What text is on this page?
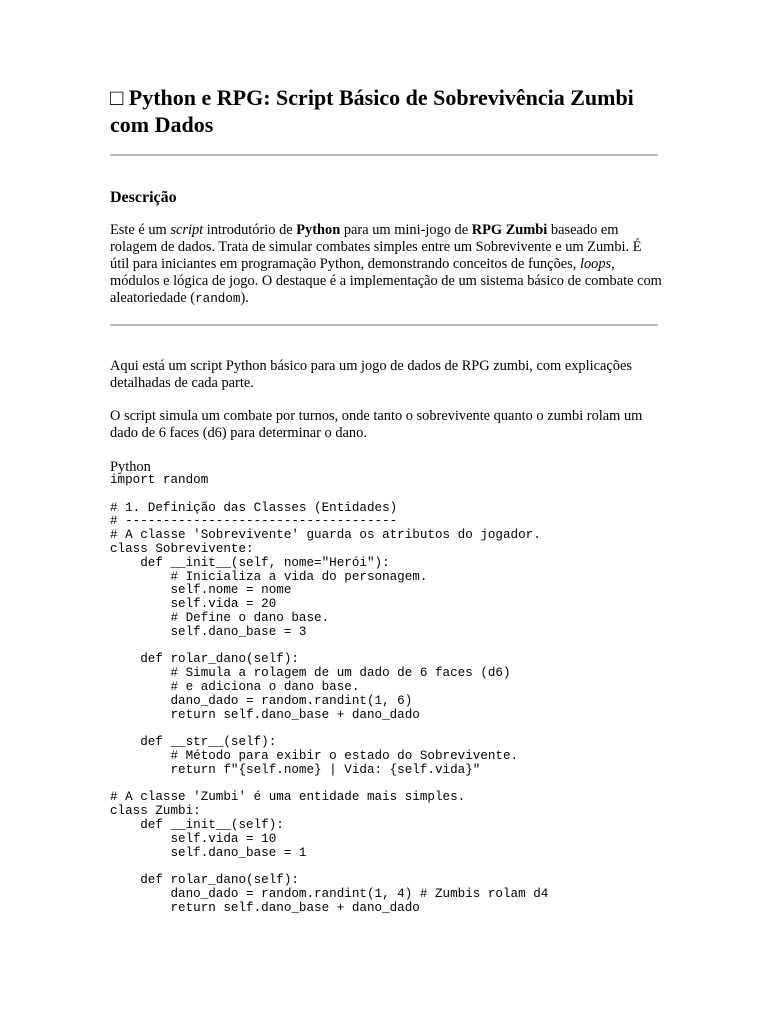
□ Python e RPG: Script Básico de Sobrevivência Zumbi com Dados
Descrição

Este é um script introdutório de Python para um mini-jogo de RPG Zumbi baseado em rolagem de dados. Trata de simular combates simples entre um Sobrevivente e um Zumbi. É útil para iniciantes em programação Python, demonstrando conceitos de funções, loops, módulos e lógica de jogo. O destaque é a implementação de um sistema básico de combate com aleatoriedade (random).

Aqui está um script Python básico para um jogo de dados de RPG zumbi, com explicações detalhadas de cada parte.

O script simula um combate por turnos, onde tanto o sobrevivente quanto o zumbi rolam um dado de 6 faces (d6) para determinar o dano.

Python

import random
# 1. Definição das Classes (Entidades)
# ------------------------------------
# A classe 'Sobrevivente' guarda os atributos do jogador.
class Sobrevivente:
def __init__(self, nome="Herói"):
# Inicializa a vida do personagem.
self.nome = nome
self.vida = 20
# Define o dano base.
self.dano_base = 3
def rolar_dano(self):
# Simula a rolagem de um dado de 6 faces (d6)
# e adiciona o dano base.
dano_dado = random.randint(1, 6)
return self.dano_base + dano_dado
def __str__(self):
# Método para exibir o estado do Sobrevivente.
return f"{self.nome} | Vida: {self.vida}"
# A classe 'Zumbi' é uma entidade mais simples.
class Zumbi:
def __init__(self):
self.vida = 10
self.dano_base = 1
def rolar_dano(self):
dano_dado = random.randint(1, 4) # Zumbis rolam d4
return self.dano_base + dano_dado
